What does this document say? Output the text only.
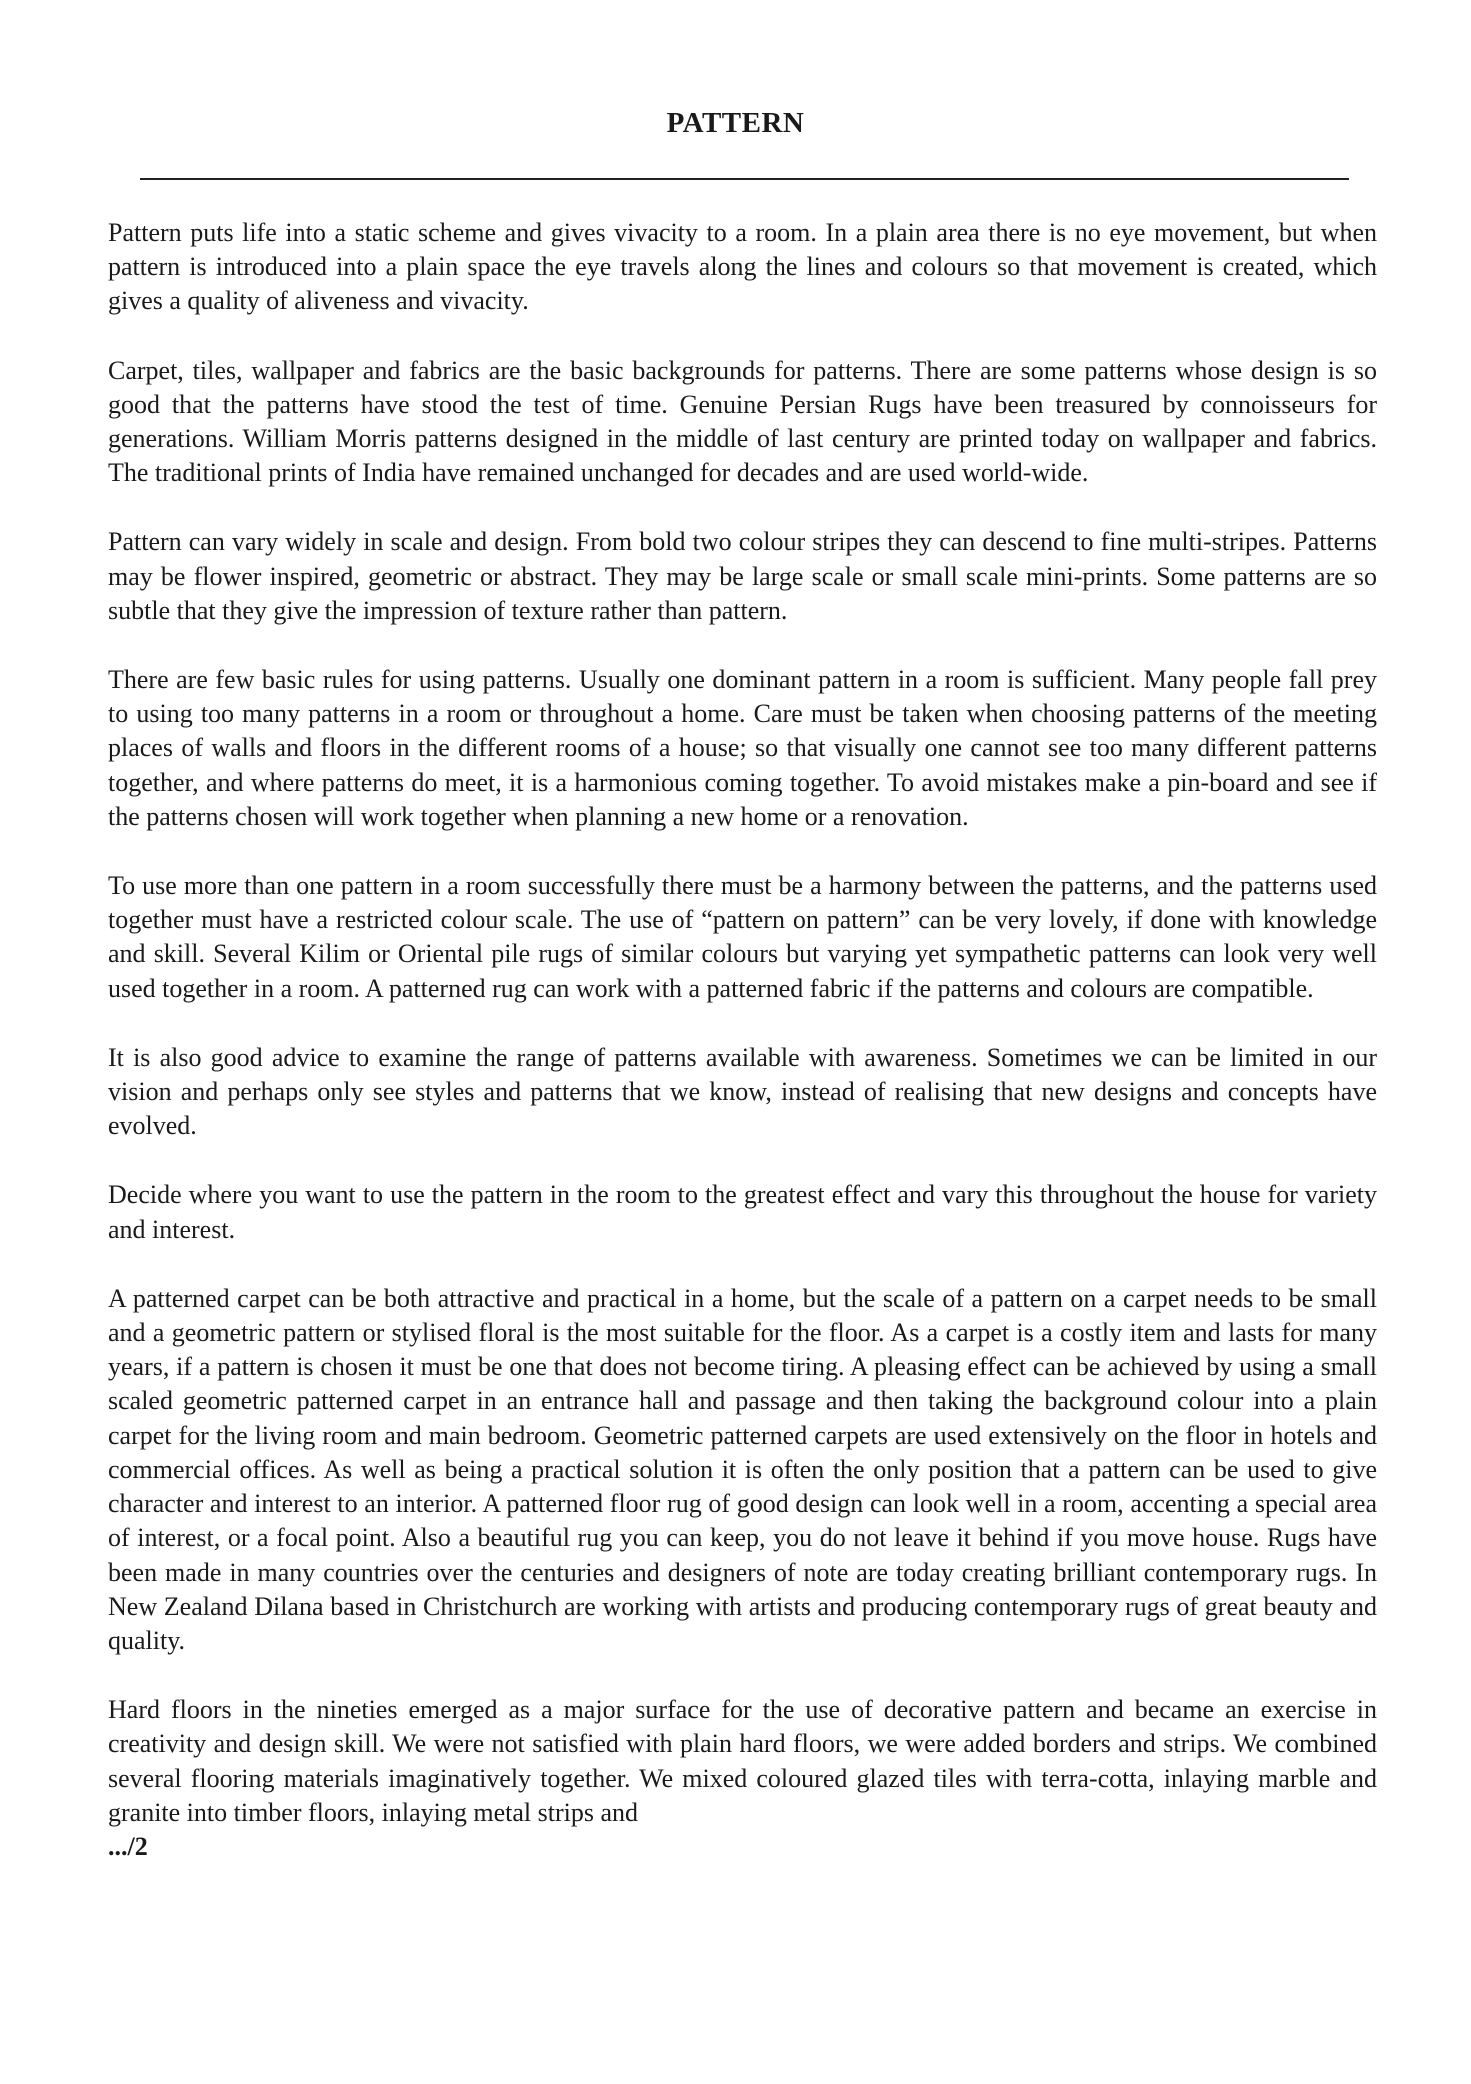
PATTERN

Pattern puts life into a static scheme and gives vivacity to a room. In a plain area there is no eye movement, but when pattern is introduced into a plain space the eye travels along the lines and colours so that movement is created, which gives a quality of aliveness and vivacity.

Carpet, tiles, wallpaper and fabrics are the basic backgrounds for patterns. There are some patterns whose design is so good that the patterns have stood the test of time. Genuine Persian Rugs have been treasured by connoisseurs for generations. William Morris patterns designed in the middle of last century are printed today on wallpaper and fabrics. The traditional prints of India have remained unchanged for decades and are used world-wide.

Pattern can vary widely in scale and design. From bold two colour stripes they can descend to fine multi-stripes. Patterns may be flower inspired, geometric or abstract. They may be large scale or small scale mini-prints. Some patterns are so subtle that they give the impression of texture rather than pattern.

There are few basic rules for using patterns. Usually one dominant pattern in a room is sufficient. Many people fall prey to using too many patterns in a room or throughout a home. Care must be taken when choosing patterns of the meeting places of walls and floors in the different rooms of a house; so that visually one cannot see too many different patterns together, and where patterns do meet, it is a harmonious coming together. To avoid mistakes make a pin-board and see if the patterns chosen will work together when planning a new home or a renovation.

To use more than one pattern in a room successfully there must be a harmony between the patterns, and the patterns used together must have a restricted colour scale. The use of “pattern on pattern” can be very lovely, if done with knowledge and skill. Several Kilim or Oriental pile rugs of similar colours but varying yet sympathetic patterns can look very well used together in a room. A patterned rug can work with a patterned fabric if the patterns and colours are compatible.

It is also good advice to examine the range of patterns available with awareness. Sometimes we can be limited in our vision and perhaps only see styles and patterns that we know, instead of realising that new designs and concepts have evolved.

Decide where you want to use the pattern in the room to the greatest effect and vary this throughout the house for variety and interest.

A patterned carpet can be both attractive and practical in a home, but the scale of a pattern on a carpet needs to be small and a geometric pattern or stylised floral is the most suitable for the floor. As a carpet is a costly item and lasts for many years, if a pattern is chosen it must be one that does not become tiring. A pleasing effect can be achieved by using a small scaled geometric patterned carpet in an entrance hall and passage and then taking the background colour into a plain carpet for the living room and main bedroom. Geometric patterned carpets are used extensively on the floor in hotels and commercial offices. As well as being a practical solution it is often the only position that a pattern can be used to give character and interest to an interior. A patterned floor rug of good design can look well in a room, accenting a special area of interest, or a focal point. Also a beautiful rug you can keep, you do not leave it behind if you move house. Rugs have been made in many countries over the centuries and designers of note are today creating brilliant contemporary rugs. In New Zealand Dilana based in Christchurch are working with artists and producing contemporary rugs of great beauty and quality.

Hard floors in the nineties emerged as a major surface for the use of decorative pattern and became an exercise in creativity and design skill. We were not satisfied with plain hard floors, we were added borders and strips. We combined several flooring materials imaginatively together. We mixed coloured glazed tiles with terra-cotta, inlaying marble and granite into timber floors, inlaying metal strips and

.../2
